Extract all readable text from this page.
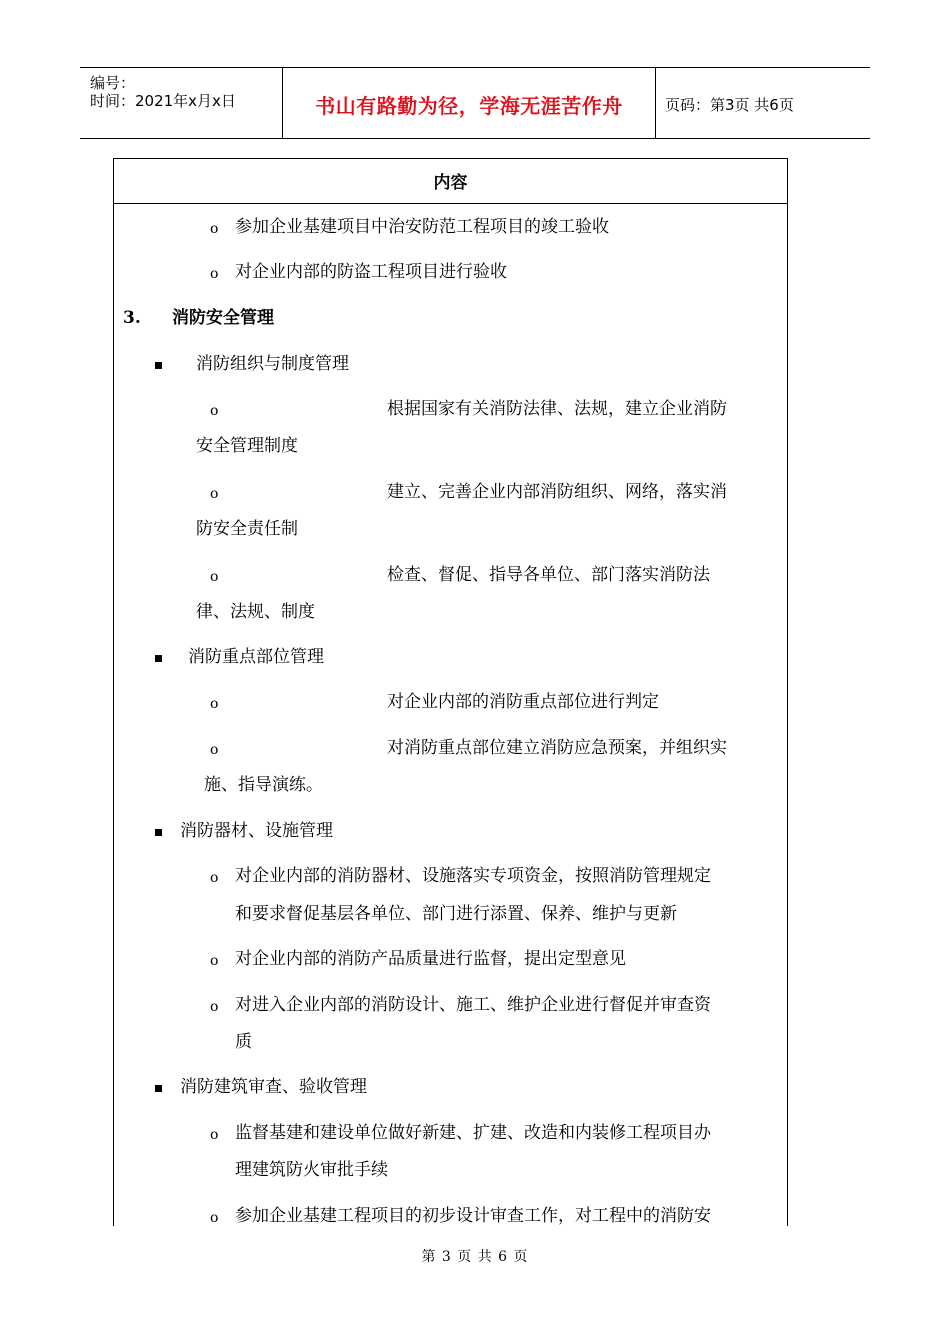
编号：
时间：2021年x月x日	书山有路勤为径，学海无涯苦作舟	页码：第3页 共6页
内容
o 参加企业基建项目中治安防范工程项目的竣工验收
o 对企业内部的防盗工程项目进行验收
3. 消防安全管理
消防组织与制度管理
o	根据国家有关消防法律、法规，建立企业消防
安全管理制度
o	建立、完善企业内部消防组织、网络，落实消
防安全责任制
o	检查、督促、指导各单位、部门落实消防法
律、法规、制度
消防重点部位管理
o	对企业内部的消防重点部位进行判定
o	对消防重点部位建立消防应急预案，并组织实
施、指导演练。
消防器材、设施管理
o 对企业内部的消防器材、设施落实专项资金，按照消防管理规定
和要求督促基层各单位、部门进行添置、保养、维护与更新
o 对企业内部的消防产品质量进行监督，提出定型意见
o 对进入企业内部的消防设计、施工、维护企业进行督促并审查资
质
消防建筑审查、验收管理
o 监督基建和建设单位做好新建、扩建、改造和内装修工程项目办
理建筑防火审批手续
o 参加企业基建工程项目的初步设计审查工作，对工程中的消防安
第 3 页 共 6 页
